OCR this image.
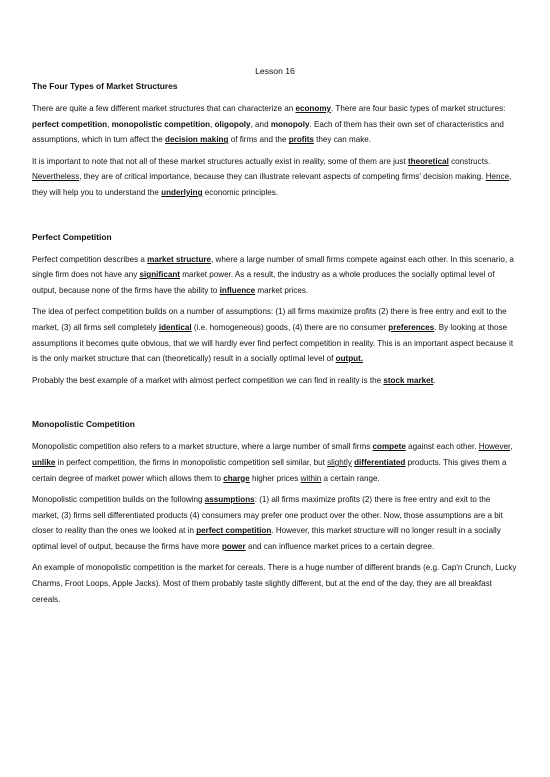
Lesson 16
The Four Types of Market Structures

There are quite a few different market structures that can characterize an economy. There are four basic types of market structures: perfect competition, monopolistic competition, oligopoly, and monopoly. Each of them has their own set of characteristics and assumptions, which in turn affect the decision making of firms and the profits they can make.

It is important to note that not all of these market structures actually exist in reality, some of them are just theoretical constructs. Nevertheless, they are of critical importance, because they can illustrate relevant aspects of competing firms' decision making. Hence, they will help you to understand the underlying economic principles.

Perfect Competition

Perfect competition describes a market structure, where a large number of small firms compete against each other. In this scenario, a single firm does not have any significant market power. As a result, the industry as a whole produces the socially optimal level of output, because none of the firms have the ability to influence market prices.

The idea of perfect competition builds on a number of assumptions: (1) all firms maximize profits (2) there is free entry and exit to the market, (3) all firms sell completely identical (i.e. homogeneous) goods, (4) there are no consumer preferences. By looking at those assumptions it becomes quite obvious, that we will hardly ever find perfect competition in reality. This is an important aspect because it is the only market structure that can (theoretically) result in a socially optimal level of output.

Probably the best example of a market with almost perfect competition we can find in reality is the stock market.

Monopolistic Competition

Monopolistic competition also refers to a market structure, where a large number of small firms compete against each other. However, unlike in perfect competition, the firms in monopolistic competition sell similar, but slightly differentiated products. This gives them a certain degree of market power which allows them to charge higher prices within a certain range.

Monopolistic competition builds on the following assumptions: (1) all firms maximize profits (2) there is free entry and exit to the market, (3) firms sell differentiated products (4) consumers may prefer one product over the other. Now, those assumptions are a bit closer to reality than the ones we looked at in perfect competition. However, this market structure will no longer result in a socially optimal level of output, because the firms have more power and can influence market prices to a certain degree.

An example of monopolistic competition is the market for cereals. There is a huge number of different brands (e.g. Cap'n Crunch, Lucky Charms, Froot Loops, Apple Jacks). Most of them probably taste slightly different, but at the end of the day, they are all breakfast cereals.
